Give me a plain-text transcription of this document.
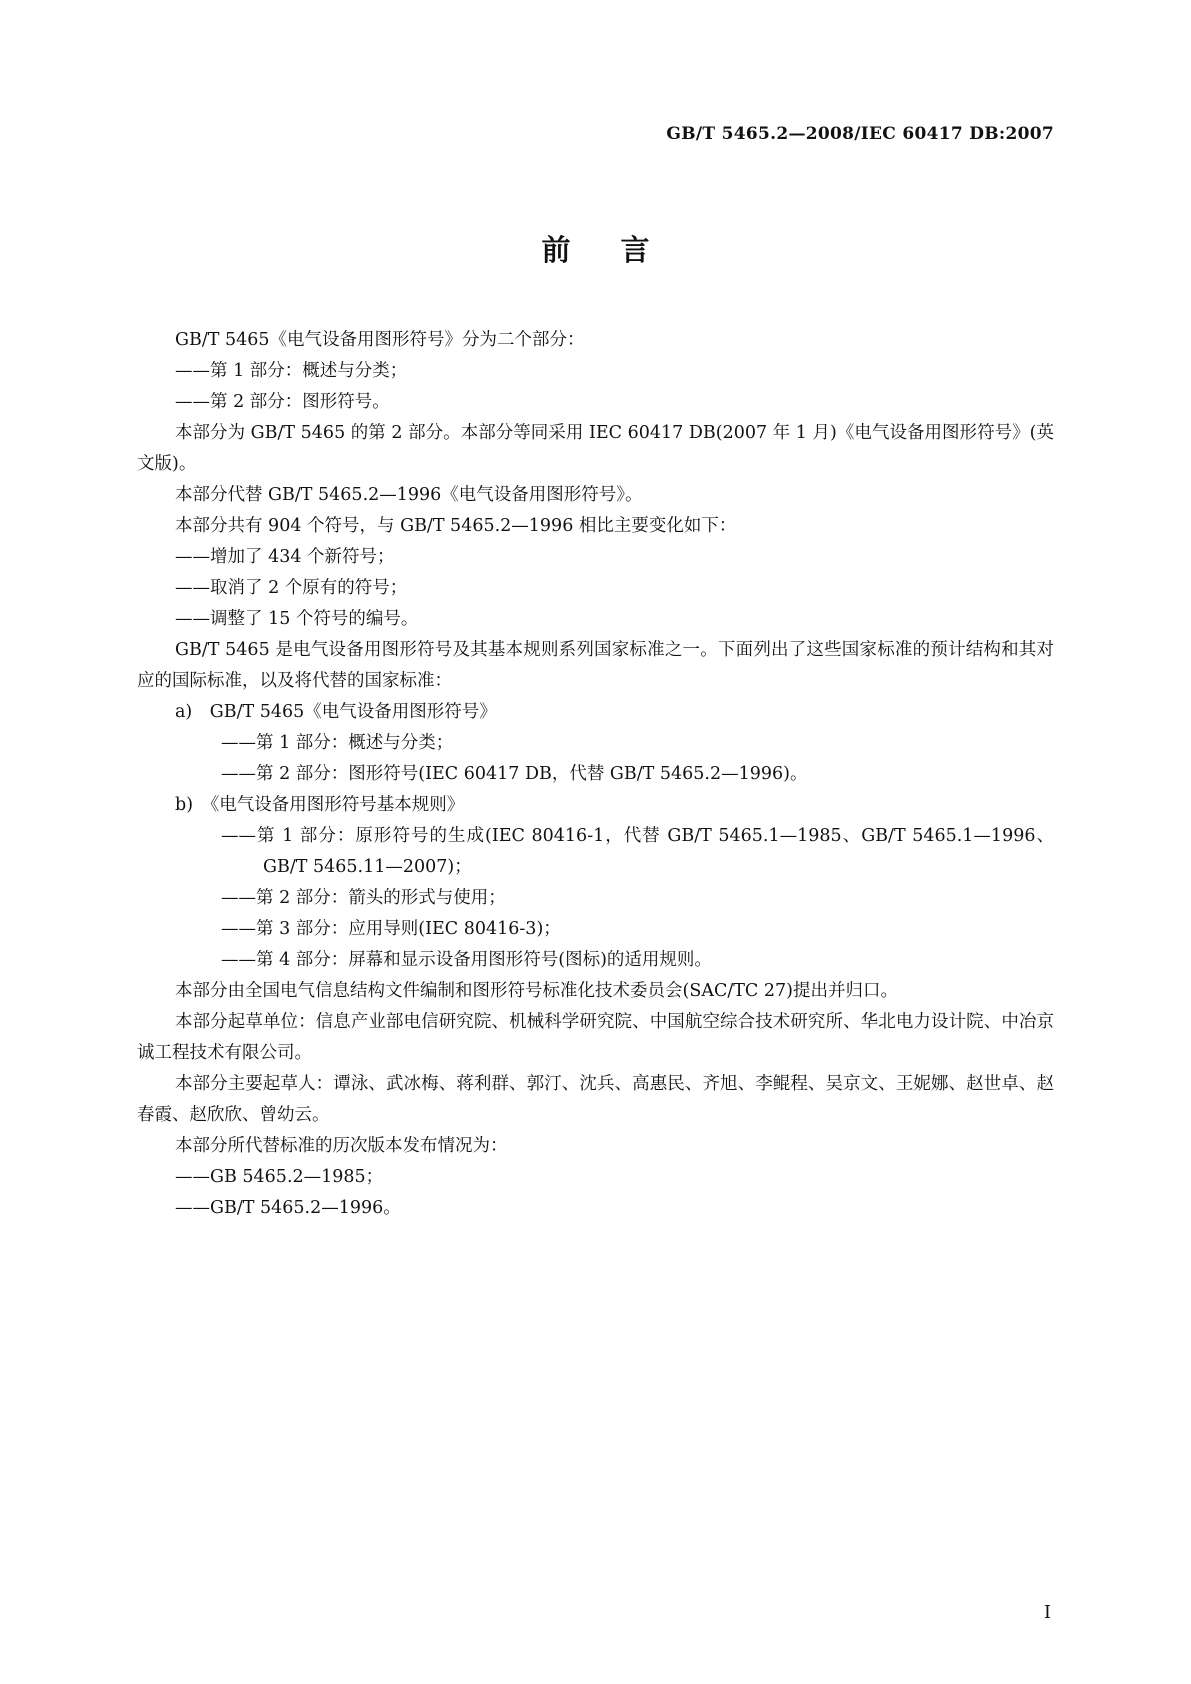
GB/T 5465.2—2008/IEC 60417 DB:2007
前言

GB/T 5465《电气设备用图形符号》分为二个部分：

——第 1 部分：概述与分类；

——第 2 部分：图形符号。

本部分为 GB/T 5465 的第 2 部分。本部分等同采用 IEC 60417 DB(2007 年 1 月)《电气设备用图形符号》(英文版)。

本部分代替 GB/T 5465.2—1996《电气设备用图形符号》。

本部分共有 904 个符号，与 GB/T 5465.2—1996 相比主要变化如下：

——增加了 434 个新符号；

——取消了 2 个原有的符号；

——调整了 15 个符号的编号。

GB/T 5465 是电气设备用图形符号及其基本规则系列国家标准之一。下面列出了这些国家标准的预计结构和其对应的国际标准，以及将代替的国家标准：

a)　GB/T 5465《电气设备用图形符号》

——第 1 部分：概述与分类；

——第 2 部分：图形符号(IEC 60417 DB，代替 GB/T 5465.2—1996)。

b)　《电气设备用图形符号基本规则》

——第 1 部分：原形符号的生成(IEC 80416-1，代替 GB/T 5465.1—1985、GB/T 5465.1—1996、GB/T 5465.11—2007)；

——第 2 部分：箭头的形式与使用；

——第 3 部分：应用导则(IEC 80416-3)；

——第 4 部分：屏幕和显示设备用图形符号(图标)的适用规则。

本部分由全国电气信息结构文件编制和图形符号标准化技术委员会(SAC/TC 27)提出并归口。

本部分起草单位：信息产业部电信研究院、机械科学研究院、中国航空综合技术研究所、华北电力设计院、中冶京诚工程技术有限公司。

本部分主要起草人：谭泳、武冰梅、蒋利群、郭汀、沈兵、高惠民、齐旭、李鲲程、吴京文、王妮娜、赵世卓、赵春霞、赵欣欣、曾幼云。

本部分所代替标准的历次版本发布情况为：

——GB 5465.2—1985；

——GB/T 5465.2—1996。

I
